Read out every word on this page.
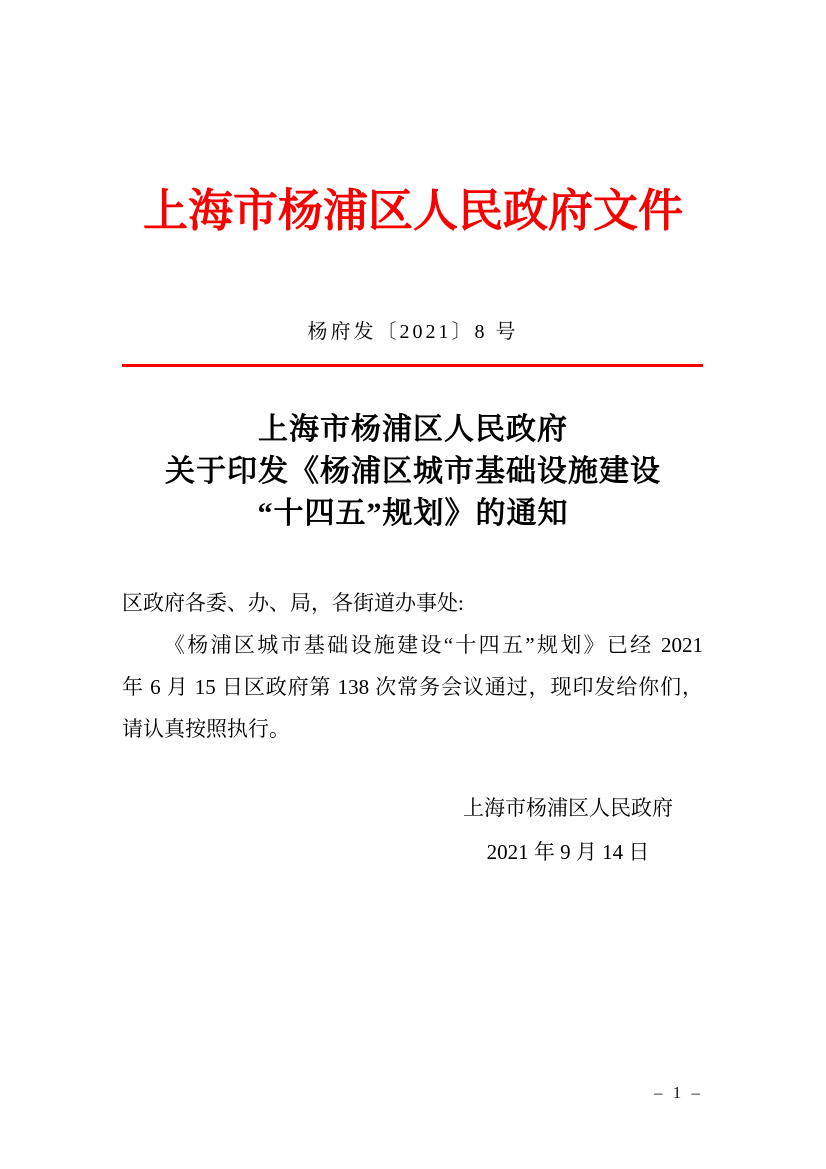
上海市杨浦区人民政府文件
杨府发〔2021〕8 号
上海市杨浦区人民政府
关于印发《杨浦区城市基础设施建设
“十四五”规划》的通知

区政府各委、办、局，各街道办事处:

《杨浦区城市基础设施建设“十四五”规划》已经 2021

年 6 月 15 日区政府第 138 次常务会议通过，现印发给你们，

请认真按照执行。

上海市杨浦区人民政府
2021 年 9 月 14 日
– 1 –
